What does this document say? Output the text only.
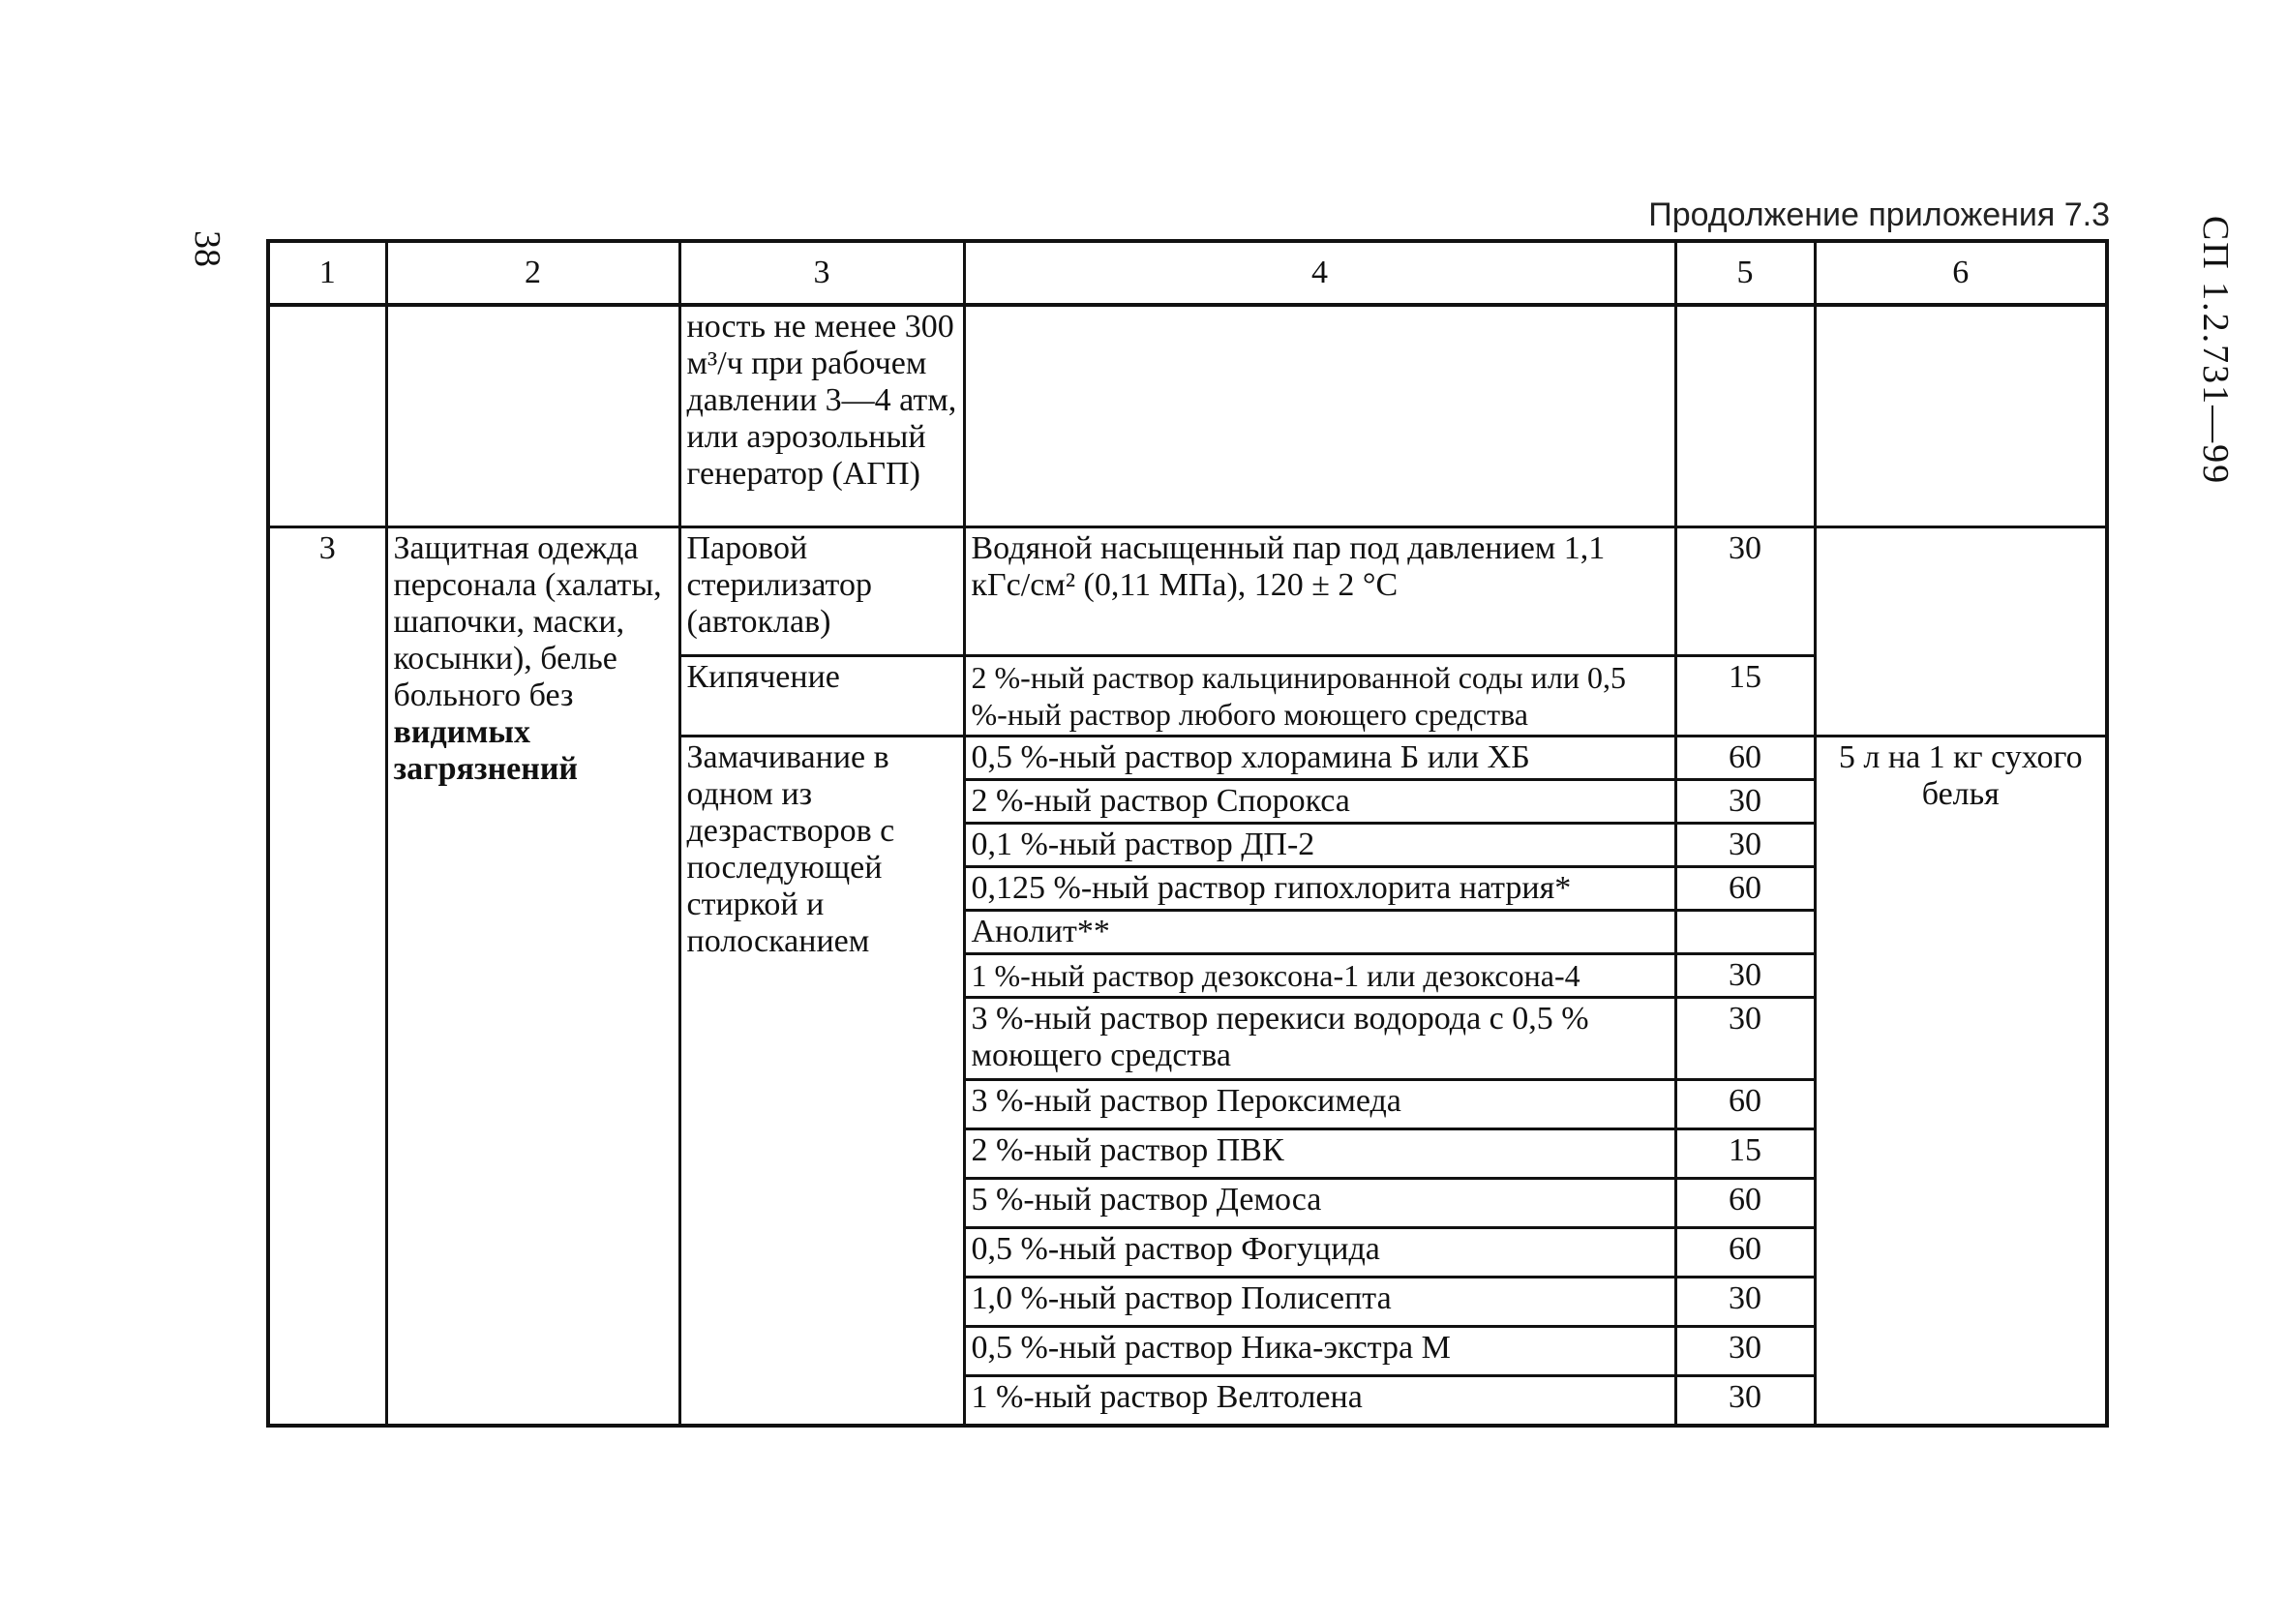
38	СП 1.2.731—99
Продолжение приложения 7.3
1	2	3	4	5	6
		ность не менее 300 м³/ч при рабочем давлении 3—4 атм, или аэрозольный генератор (АГП)			
3	Защитная одежда персонала (халаты, шапочки, маски, косынки), белье больного без видимых загрязнений	Паровой стерилизатор (автоклав)	Водяной насыщенный пар под давлением 1,1 кГс/см² (0,11 МПа), 120 ± 2 °С	30	
		Кипячение	2 %-ный раствор кальцинированной соды или 0,5 %-ный раствор любого моющего средства	15	
		Замачивание в одном из дезрастворов с последующей стиркой и полосканием	0,5 %-ный раствор хлорамина Б или ХБ	60	5 л на 1 кг сухого белья
			2 %-ный раствор Спорокса	30	
			0,1 %-ный раствор ДП-2	30	
			0,125 %-ный раствор гипохлорита натрия*	60	
			Анолит**		
			1 %-ный раствор дезоксона-1 или дезоксона-4	30	
			3 %-ный раствор перекиси водорода с 0,5 % моющего средства	30	
			3 %-ный раствор Пероксимеда	60	
			2 %-ный раствор ПВК	15	
			5 %-ный раствор Демоса	60	
			0,5 %-ный раствор Фогуцида	60	
			1,0 %-ный раствор Полисепта	30	
			0,5 %-ный раствор Ника-экстра М	30	
			1 %-ный раствор Велтолена	30	
